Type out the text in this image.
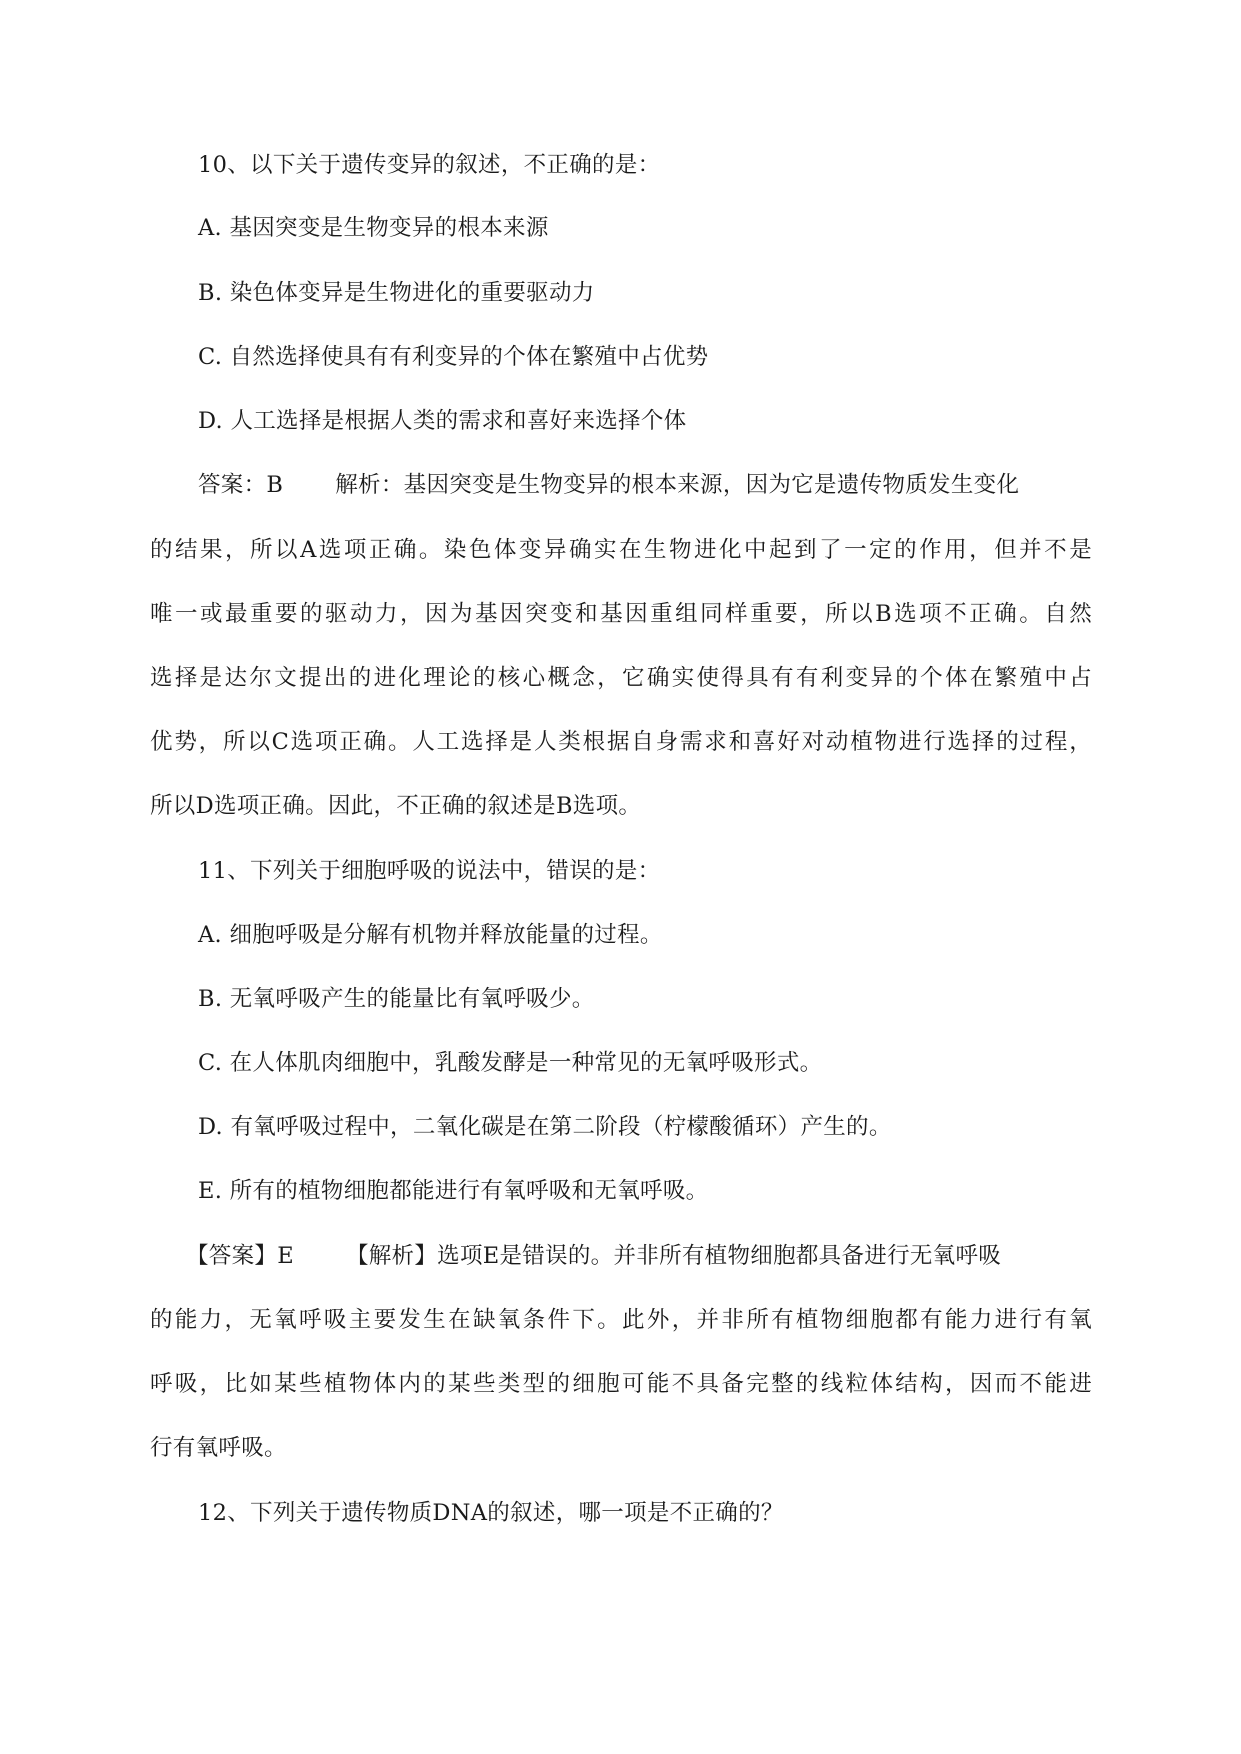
10、以下关于遗传变异的叙述，不正确的是：
A. 基因突变是生物变异的根本来源
B. 染色体变异是生物进化的重要驱动力
C. 自然选择使具有有利变异的个体在繁殖中占优势
D. 人工选择是根据人类的需求和喜好来选择个体
答案：B 解析：基因突变是生物变异的根本来源，因为它是遗传物质发生变化
的结果，所以A选项正确。染色体变异确实在生物进化中起到了一定的作用，但并不是
唯一或最重要的驱动力，因为基因突变和基因重组同样重要，所以B选项不正确。自然
选择是达尔文提出的进化理论的核心概念，它确实使得具有有利变异的个体在繁殖中占
优势，所以C选项正确。人工选择是人类根据自身需求和喜好对动植物进行选择的过程，
所以D选项正确。因此，不正确的叙述是B选项。
11、下列关于细胞呼吸的说法中，错误的是：
A. 细胞呼吸是分解有机物并释放能量的过程。
B. 无氧呼吸产生的能量比有氧呼吸少。
C. 在人体肌肉细胞中，乳酸发酵是一种常见的无氧呼吸形式。
D. 有氧呼吸过程中，二氧化碳是在第二阶段（柠檬酸循环）产生的。
E. 所有的植物细胞都能进行有氧呼吸和无氧呼吸。
【答案】E 【解析】选项E是错误的。并非所有植物细胞都具备进行无氧呼吸
的能力，无氧呼吸主要发生在缺氧条件下。此外，并非所有植物细胞都有能力进行有氧
呼吸，比如某些植物体内的某些类型的细胞可能不具备完整的线粒体结构，因而不能进
行有氧呼吸。
12、下列关于遗传物质DNA的叙述，哪一项是不正确的？
